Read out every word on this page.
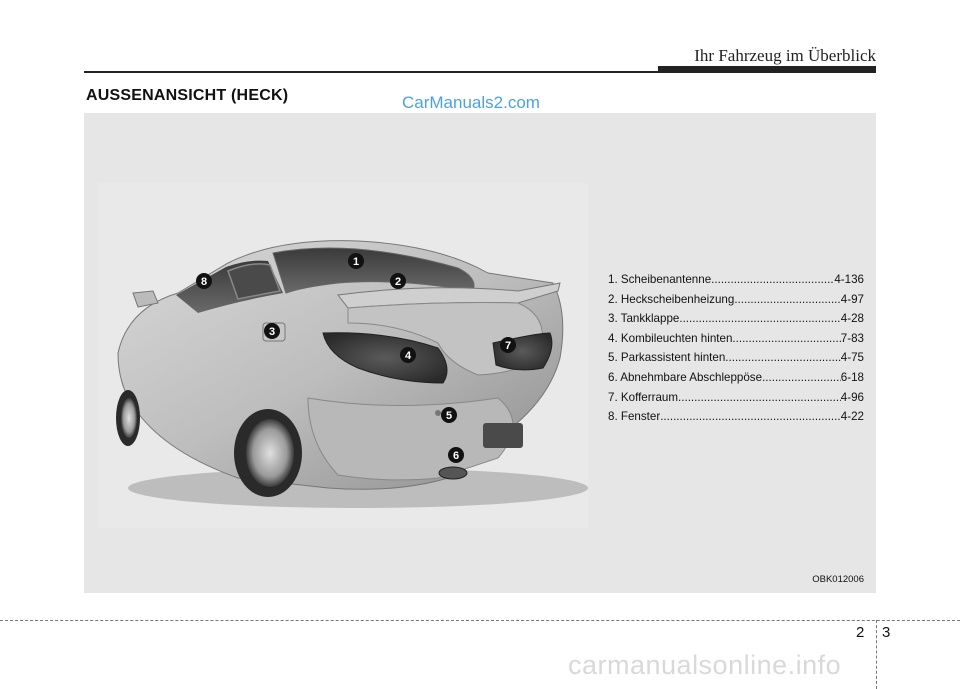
Ihr Fahrzeug im Überblick
AUSSENANSICHT (HECK)	CarManuals2.com
1
2
3
4
5
6
7
8	1. Scheibenantenne .....	4-136
2. Heckscheibenheizung .....	4-97
3. Tankklappe .....	4-28
4. Kombileuchten hinten .....	7-83
5. Parkassistent hinten .....	4-75
6. Abnehmbare Abschleppöse .....	6-18
7. Kofferraum .....	4-96
8. Fenster .....	4-22
OBK012006
2 3
carmanualsonline.info
